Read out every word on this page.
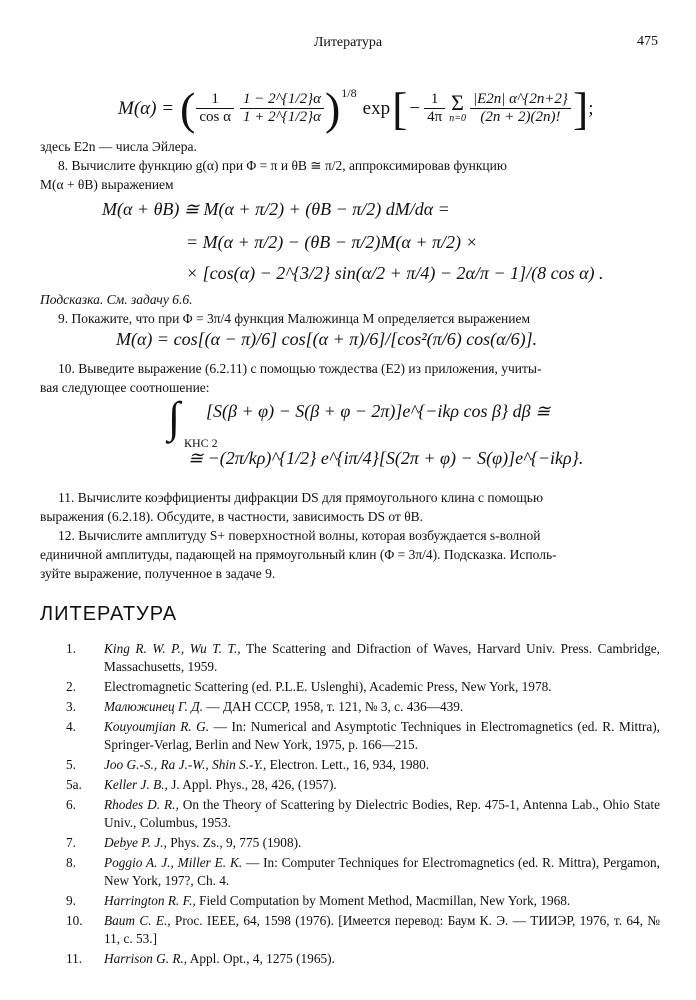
Литература	475
M(α) = ( $\frac{1}{\text{cos α}} \frac{1 - 2\^{}\{1/2\}\alpha}{1 + 2\^{}\{1/2\}\alpha}$ ) 1/8
exp [ − $\frac{1}{4\pi}$ Σ
$n=0 \frac{|E2n| \alpha\^{}\{2n+2\}}{(2n + 2)(2n)!}$ ] ;
здесь E2n — числа Эйлера.
8. Вычислите функцию g(α) при Φ = π и θB ≅ π/2, аппроксимировав функцию
M(α + θB) выражением
M(α + θB) ≅ M(α + π/2) + (θB − π/2) dM/dα =
= M(α + π/2) − (θB − π/2)M(α + π/2) ×
× [cos(α) − 2^{3/2} sin(α/2 + π/4) − 2α/π − 1]/(8 cos α) .
Подсказка. См. задачу 6.6.
9. Покажите, что при Φ = 3π/4 функция Малюжинца M определяется выражением
M(α) = cos[(α − π)/6] cos[(α + π)/6]/[cos²(π/6) cos(α/6)].
10. Выведите выражение (6.2.11) с помощью тождества (E2) из приложения, учиты-
вая следующее соотношение:
∫
КНС 2
[S(β + φ) − S(β + φ − 2π)]e^{−ikρ cos β} dβ ≅
≅ −(2π/kρ)^{1/2} e^{iπ/4}[S(2π + φ) − S(φ)]e^{−ikρ}.
11. Вычислите коэффициенты дифракции DS для прямоугольного клина с помощью
выражения (6.2.18). Обсудите, в частности, зависимость DS от θB.
12. Вычислите амплитуду S+ поверхностной волны, которая возбуждается s-волной
единичной амплитуды, падающей на прямоугольный клин (Φ = 3π/4). Подсказка. Исполь-
зуйте выражение, полученное в задаче 9.
ЛИТЕРАТУРА
1.	King R. W. P., Wu T. T., The Scattering and Difraction of Waves, Harvard Univ. Press. Cambridge, Massachusetts, 1959.
2.	Electromagnetic Scattering (ed. P.L.E. Uslenghi), Academic Press, New York, 1978.
3.	Малюжинец Г. Д. — ДАН СССР, 1958, т. 121, № 3, с. 436—439.
4.	Kouyoumjian R. G. — In: Numerical and Asymptotic Techniques in Electromagnetics (ed. R. Mittra), Springer-Verlag, Berlin and New York, 1975, p. 166—215.
5.	Joo G.-S., Ra J.-W., Shin S.-Y., Electron. Lett., 16, 934, 1980.
5a.	Keller J. B., J. Appl. Phys., 28, 426, (1957).
6.	Rhodes D. R., On the Theory of Scattering by Dielectric Bodies, Rep. 475-1, Antenna Lab., Ohio State Univ., Columbus, 1953.
7.	Debye P. J., Phys. Zs., 9, 775 (1908).
8.	Poggio A. J., Miller E. K. — In: Computer Techniques for Electromagnetics (ed. R. Mittra), Pergamon, New York, 197?, Ch. 4.
9.	Harrington R. F., Field Computation by Moment Method, Macmillan, New York, 1968.
10.	Baum C. E., Proc. IEEE, 64, 1598 (1976). [Имеется перевод: Баум К. Э. — ТИИЭР, 1976, т. 64, № 11, с. 53.]
11.	Harrison G. R., Appl. Opt., 4, 1275 (1965).
